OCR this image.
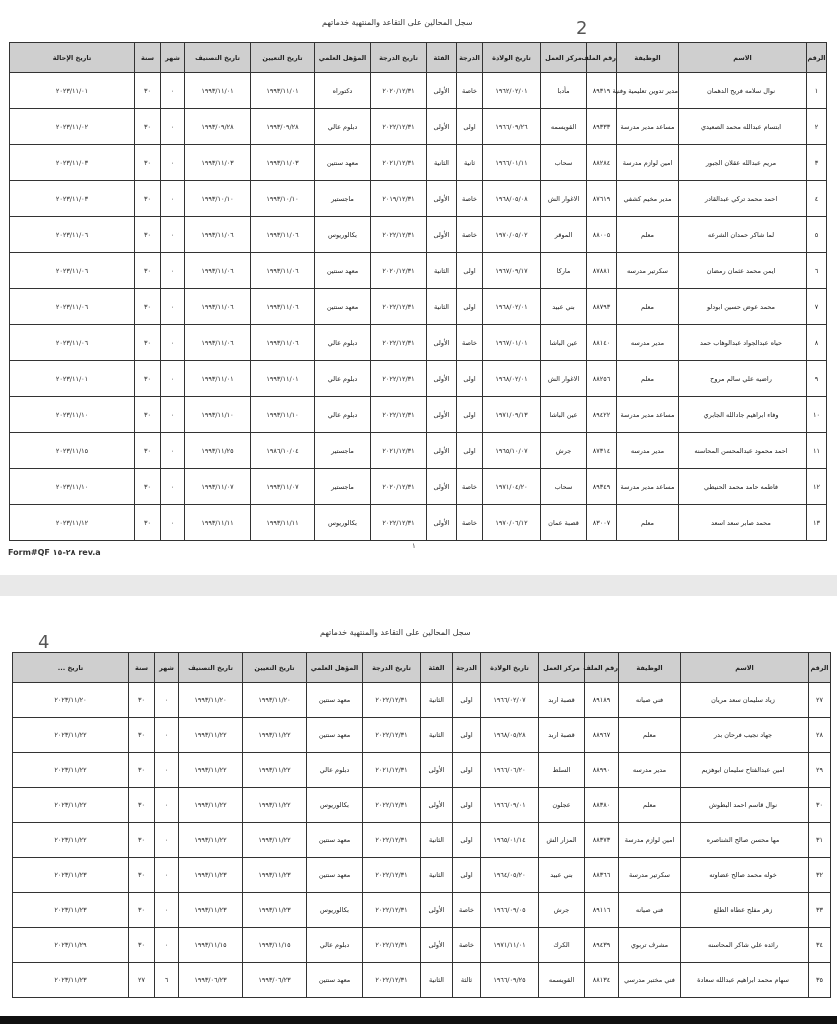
سجل المحالين على التقاعد والمنتهية خدماتهم	2
الرقم	الاسم	الوظيفة	رقم الملف	مركز العمل	تاريخ الولادة	الدرجة	الفئة	تاريخ الدرجة	المؤهل العلمي	تاريخ التعيين	تاريخ التصنيف	شهر	سنة	تاريخ الإحالة
١	نوال سلامه فريح الدهمان	مدير تدوين تعليمية وفنية	٨٩٣١٩	مأدبا	١٩٦٢/٠٢/٠١	خاصة	الأولى	٢٠٢٠/١٢/٣١	دكتوراه	١٩٩٣/١١/٠١	١٩٩٣/١١/٠١	٠	٣٠	٢٠٢٣/١١/٠١
٢	ابتسام عبدالله محمد الصعيدي	مساعد مدير مدرسة	٨٩٣٣٣	القويسمه	١٩٦٦/٠٩/٢٦	اولى	الأولى	٢٠٢٢/١٢/٣١	دبلوم عالي	١٩٩٣/٠٩/٢٨	١٩٩٣/٠٩/٢٨	٠	٣٠	٢٠٢٣/١١/٠٢
٣	مريم عبدالله عقلان الجبور	امين لوازم مدرسة	٨٨٢٨٤	سحاب	١٩٦٦/٠١/١١	ثانية	الثانية	٢٠٢١/١٢/٣١	معهد سنتين	١٩٩٣/١١/٠٣	١٩٩٣/١١/٠٣	٠	٣٠	٢٠٢٣/١١/٠٣
٤	احمد محمد تركي عبدالقادر	مدير مخيم كشفي	٨٧٦١٩	الاغوار الش	١٩٦٨/٠٥/٠٨	خاصة	الأولى	٢٠١٩/١٢/٣١	ماجستير	١٩٩٣/١٠/١٠	١٩٩٣/١٠/١٠	٠	٣٠	٢٠٢٣/١١/٠٣
٥	لما شاكر حمدان الشرعه	معلم	٨٨٠٠٥	الموقر	١٩٧٠/٠٥/٠٢	خاصة	الأولى	٢٠٢٢/١٢/٣١	بكالوريوس	١٩٩٣/١١/٠٦	١٩٩٣/١١/٠٦	٠	٣٠	٢٠٢٣/١١/٠٦
٦	ايمن محمد عثمان رمضان	سكرتير مدرسه	٨٧٨٨١	ماركا	١٩٦٧/٠٩/١٧	اولى	الثانية	٢٠٢٠/١٢/٣١	معهد سنتين	١٩٩٣/١١/٠٦	١٩٩٣/١١/٠٦	٠	٣٠	٢٠٢٣/١١/٠٦
٧	محمد عوض حسين ابودلو	معلم	٨٨٧٩٣	بني عبيد	١٩٦٨/٠٢/٠١	اولى	الثانية	٢٠٢٢/١٢/٣١	معهد سنتين	١٩٩٣/١١/٠٦	١٩٩٣/١١/٠٦	٠	٣٠	٢٠٢٣/١١/٠٦
٨	حياه عبدالجواد عبدالوهاب حمد	مدير مدرسه	٨٨١٤٠	عين الباشا	١٩٦٧/٠١/٠١	خاصة	الأولى	٢٠٢٢/١٢/٣١	دبلوم عالي	١٩٩٣/١١/٠٦	١٩٩٣/١١/٠٦	٠	٣٠	٢٠٢٣/١١/٠٦
٩	راضيه علي سالم مروح	معلم	٨٨٢٥٦	الاغوار الش	١٩٦٨/٠٢/٠١	اولى	الأولى	٢٠٢٢/١٢/٣١	دبلوم عالي	١٩٩٣/١١/٠١	١٩٩٣/١١/٠١	٠	٣٠	٢٠٢٣/١١/٠١
١٠	وفاء ابراهيم جادالله الجابري	مساعد مدير مدرسة	٨٩٤٢٢	عين الباشا	١٩٧١/٠٩/١٣	اولى	الأولى	٢٠٢٢/١٢/٣١	دبلوم عالي	١٩٩٣/١١/١٠	١٩٩٣/١١/١٠	٠	٣٠	٢٠٢٣/١١/١٠
١١	احمد محمود عبدالمحسن المحاسنه	مدير مدرسه	٨٧٣١٤	جرش	١٩٦٥/١٠/٠٧	اولى	الأولى	٢٠٢١/١٢/٣١	ماجستير	١٩٨٦/١٠/٠٤	١٩٩٣/١١/٢٥	٠	٣٠	٢٠٢٣/١١/١٥
١٢	فاطمه حامد محمد الحنيطي	مساعد مدير مدرسة	٨٩٣٤٩	سحاب	١٩٧١/٠٤/٢٠	خاصة	الأولى	٢٠٢٠/١٢/٣١	ماجستير	١٩٩٣/١١/٠٧	١٩٩٣/١١/٠٧	٠	٣٠	٢٠٢٣/١١/١٠
١٣	محمد صابر سعد اسعد	معلم	٨٣٠٠٧	قصبة عمان	١٩٧٠/٠٦/١٢	خاصة	الأولى	٢٠٢٢/١٢/٣١	بكالوريوس	١٩٩٣/١١/١١	١٩٩٣/١١/١١	٠	٣٠	٢٠٢٣/١١/١٢
Form#QF ٢٨-١٥ rev.a
١
سجل المحالين على التقاعد والمنتهية خدماتهم
4
الرقم	الاسم	الوظيفة	رقم الملف	مركز العمل	تاريخ الولادة	الدرجة	الفئة	تاريخ الدرجة	المؤهل العلمي	تاريخ التعيين	تاريخ التصنيف	شهر	سنة	تاريخ ...
٢٧	زياد سليمان سعد مريان	فني صيانه	٨٩١٨٩	قصبة اربد	١٩٦٦/٠٢/٠٧	اولى	الثانية	٢٠٢٢/١٢/٣١	معهد سنتين	١٩٩٣/١١/٢٠	١٩٩٣/١١/٢٠	٠	٣٠	٢٠٢٣/١١/٢٠
٢٨	جهاد نجيب فرحان بدر	معلم	٨٨٩٦٧	قصبة اربد	١٩٦٨/٠٥/٢٨	اولى	الثانية	٢٠٢٢/١٢/٣١	معهد سنتين	١٩٩٣/١١/٢٢	١٩٩٣/١١/٢٢	٠	٣٠	٢٠٢٣/١١/٢٢
٢٩	امين عبدالفتاح سليمان ابوهزيم	مدير مدرسه	٨٨٩٩٠	السلط	١٩٦٦/٠٦/٢٠	اولى	الأولى	٢٠٢١/١٢/٣١	دبلوم عالي	١٩٩٣/١١/٢٢	١٩٩٣/١١/٢٢	٠	٣٠	٢٠٢٣/١١/٢٢
٣٠	نوال قاسم احمد البطوش	معلم	٨٨٣٨٠	عجلون	١٩٦٦/٠٩/٠١	اولى	الأولى	٢٠٢٢/١٢/٣١	بكالوريوس	١٩٩٣/١١/٢٢	١٩٩٣/١١/٢٢	٠	٣٠	٢٠٢٣/١١/٢٢
٣١	مها محسن صالح الشناصره	امين لوازم مدرسة	٨٨٣٧٣	المزار الش	١٩٦٥/٠١/١٤	اولى	الثانية	٢٠٢٢/١٢/٣١	معهد سنتين	١٩٩٣/١١/٢٢	١٩٩٣/١١/٢٢	٠	٣٠	٢٠٢٣/١١/٢٢
٣٢	خوله محمد صالح عضاوته	سكرتير مدرسة	٨٨٣٦٦	بني عبيد	١٩٦٤/٠٥/٢٠	اولى	الثانية	٢٠٢٢/١٢/٣١	معهد سنتين	١٩٩٣/١١/٢٣	١٩٩٣/١١/٢٣	٠	٣٠	٢٠٢٣/١١/٢٣
٣٣	زهر مفلح عطاه الطلع	فني صيانه	٨٩١١٦	جرش	١٩٦٦/٠٩/٠٥	خاصة	الأولى	٢٠٢٢/١٢/٣١	بكالوريوس	١٩٩٣/١١/٢٣	١٩٩٣/١١/٢٣	٠	٣٠	٢٠٢٣/١١/٢٣
٣٤	رائده علي شاكر المحاسنه	مشرف تربوي	٨٩٤٣٩	الكرك	١٩٧١/١١/٠١	خاصة	الأولى	٢٠٢٢/١٢/٣١	دبلوم عالي	١٩٩٣/١١/١٥	١٩٩٣/١١/١٥	٠	٣٠	٢٠٢٣/١١/٢٩
٣٥	سهام محمد ابراهيم عبدالله سعادة	فني مختبر مدرسي	٨٨١٣٤	القويسمه	١٩٦٦/٠٩/٢٥	ثالثة	الثانية	٢٠٢٢/١٢/٣١	معهد سنتين	١٩٩٣/٠٦/٢٣	١٩٩٣/٠٦/٢٣	٦	٢٧	٢٠٢٣/١١/٢٣
